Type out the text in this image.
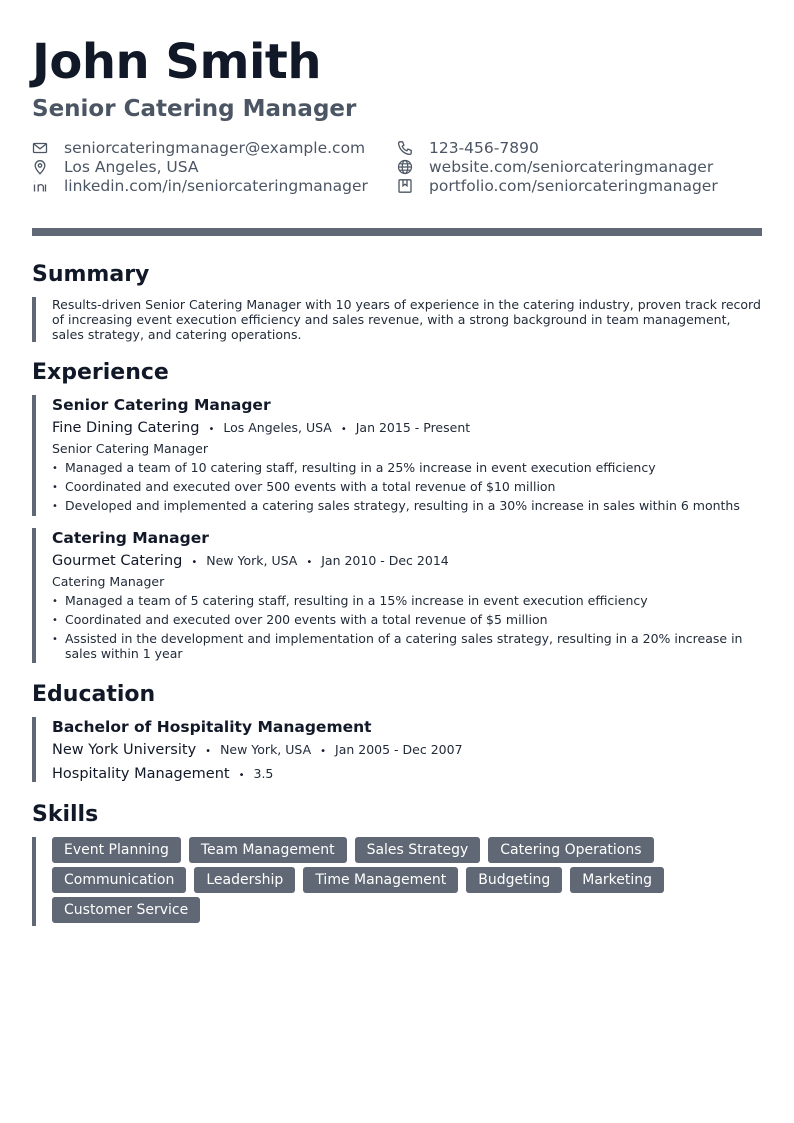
John Smith
Senior Catering Manager
seniorcateringmanager@example.com	123-456-7890
Los Angeles, USA	website.com/seniorcateringmanager
linkedin.com/in/seniorcateringmanager	portfolio.com/seniorcateringmanager
Summary

Results-driven Senior Catering Manager with 10 years of experience in the catering industry, proven track record of increasing event execution efficiency and sales revenue, with a strong background in team management, sales strategy, and catering operations.

Experience
Senior Catering Manager
Fine Dining Catering • Los Angeles, USA • Jan 2015 - Present
Senior Catering Manager
• Managed a team of 10 catering staff, resulting in a 25% increase in event execution efficiency
• Coordinated and executed over 500 events with a total revenue of $10 million
• Developed and implemented a catering sales strategy, resulting in a 30% increase in sales within 6 months
Catering Manager
Gourmet Catering • New York, USA • Jan 2010 - Dec 2014
Catering Manager
• Managed a team of 5 catering staff, resulting in a 15% increase in event execution efficiency
• Coordinated and executed over 200 events with a total revenue of $5 million
• Assisted in the development and implementation of a catering sales strategy, resulting in a 20% increase in sales within 1 year
Education
Bachelor of Hospitality Management
New York University • New York, USA • Jan 2005 - Dec 2007
Hospitality Management • 3.5
Skills
Event Planning	Team Management	Sales Strategy	Catering Operations
Communication	Leadership	Time Management	Budgeting	Marketing
Customer Service
